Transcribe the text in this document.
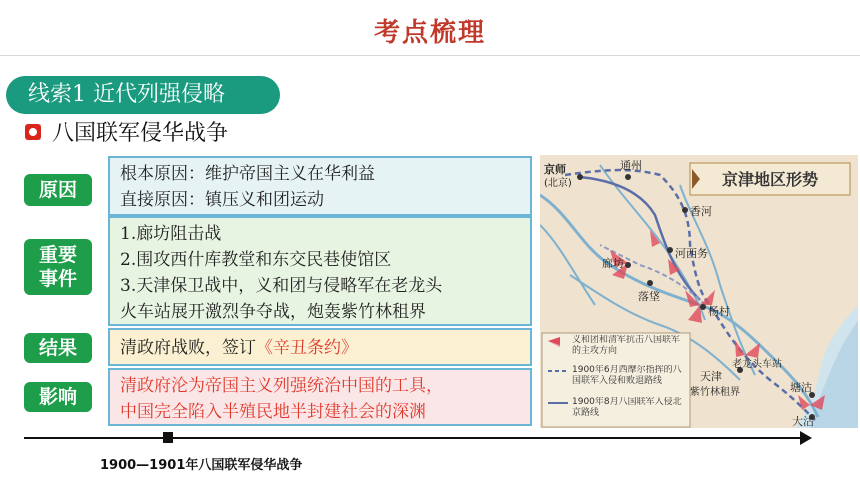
考点梳理
线索1 近代列强侵略
八国联军侵华战争
原因
根本原因：维护帝国主义在华利益
直接原因：镇压义和团运动
重要
事件
1.廊坊阻击战
2.围攻西什库教堂和东交民巷使馆区
3.天津保卫战中，义和团与侵略军在老龙头
火车站展开激烈争夺战，炮轰紫竹林租界
结果	清政府战败，签订《辛丑条约》
影响	清政府沦为帝国主义列强统治中国的工具，
中国完全陷入半殖民地半封建社会的深渊
京津地区形势
京师
(北京)
通州
香河
河西务
廊坊
落垡
杨村
天津
紫竹林租界
老龙头车站
塘沽
大沽
义和团和清军抗击八国联军的主攻方向
1900年6月西摩尔指挥的八国联军入侵和败退路线
1900年8月八国联军入侵北京路线
1900—1901年八国联军侵华战争
